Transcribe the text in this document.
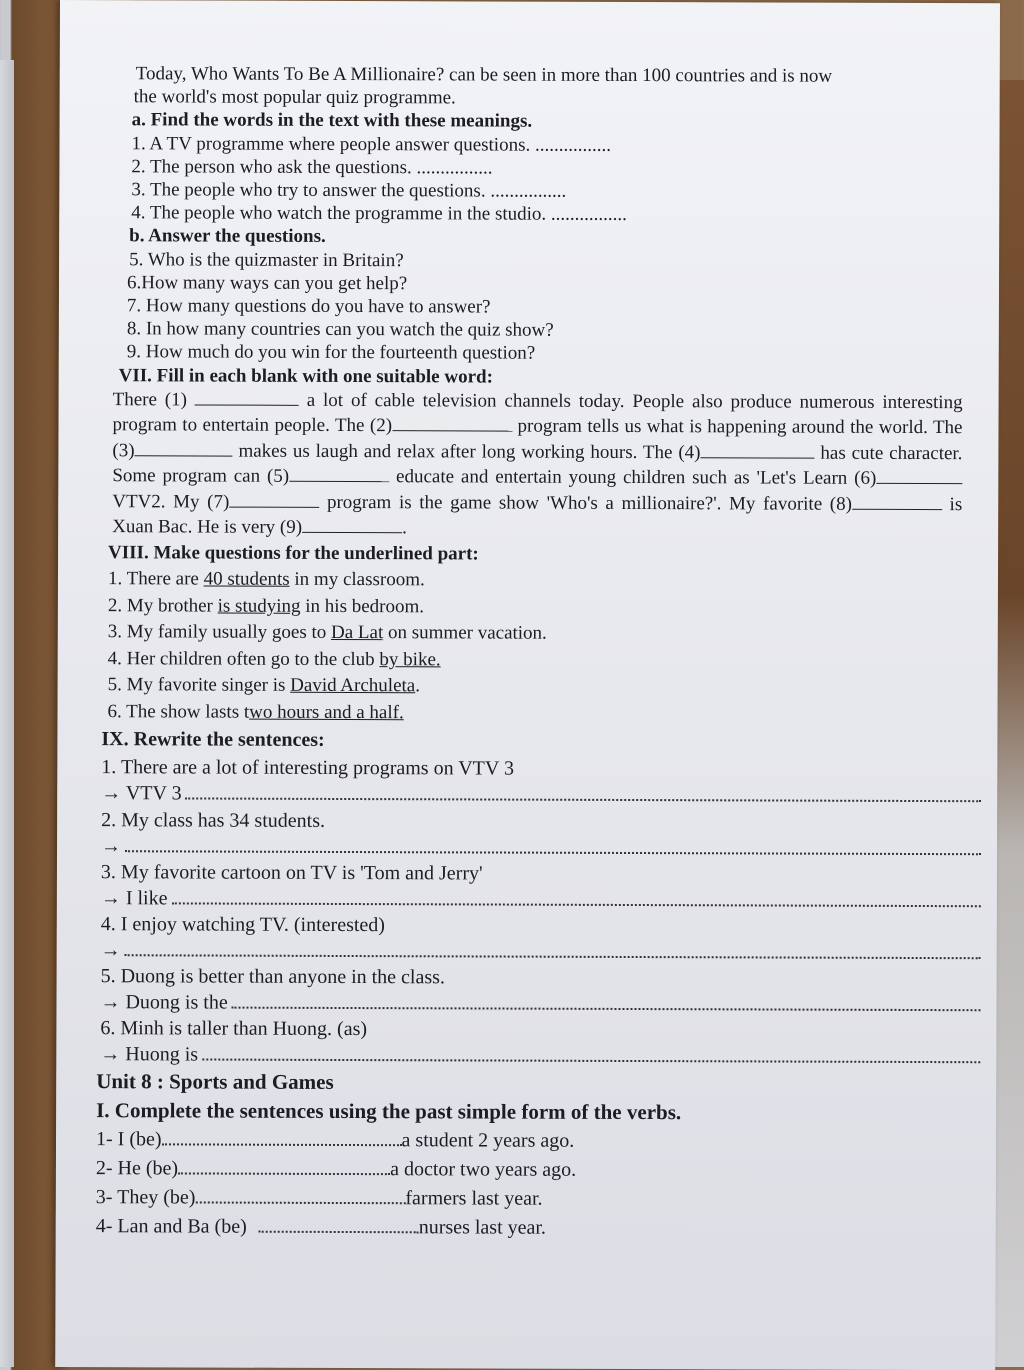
Today, Who Wants To Be A Millionaire? can be seen in more than 100 countries and is now
the world's most popular quiz programme.
a. Find the words in the text with these meanings.
1. A TV programme where people answer questions. ................
2. The person who ask the questions. ................
3. The people who try to answer the questions. ................
4. The people who watch the programme in the studio. ................
b. Answer the questions.
5. Who is the quizmaster in Britain?
6.How many ways can you get help?
7. How many questions do you have to answer?
8. In how many countries can you watch the quiz show?
9. How much do you win for the fourteenth question?
VII. Fill in each blank with one suitable word:
There (1)	a lot of cable television channels today. People also produce numerous interesting program to entertain people. The (2)	program tells us what is happening around the world. The (3)	makes us laugh and relax after long working hours. The (4)	has cute character. Some program can (5)	educate and entertain young children such as 'Let's Learn (6) VTV2. My (7)	program is the game show 'Who's a millionaire?'. My favorite (8)	is Xuan Bac. He is very (9)	.
VIII. Make questions for the underlined part:
1. There are 40 students in my classroom.
2. My brother is studying in his bedroom.
3. My family usually goes to Da Lat on summer vacation.
4. Her children often go to the club by bike.
5. My favorite singer is David Archuleta.
6. The show lasts two hours and a half.
IX. Rewrite the sentences:
1. There are a lot of interesting programs on VTV 3
→ VTV 3
2. My class has 34 students.
→
3. My favorite cartoon on TV is 'Tom and Jerry'
→ I like
4. I enjoy watching TV. (interested)
→
5. Duong is better than anyone in the class.
→ Duong is the
6. Minh is taller than Huong. (as)
→ Huong is
Unit 8 : Sports and Games
I. Complete the sentences using the past simple form of the verbs.
1- I (be)	a student 2 years ago.
2- He (be)	a doctor two years ago.
3- They (be)	farmers last year.
4- Lan and Ba (be)	nurses last year.
